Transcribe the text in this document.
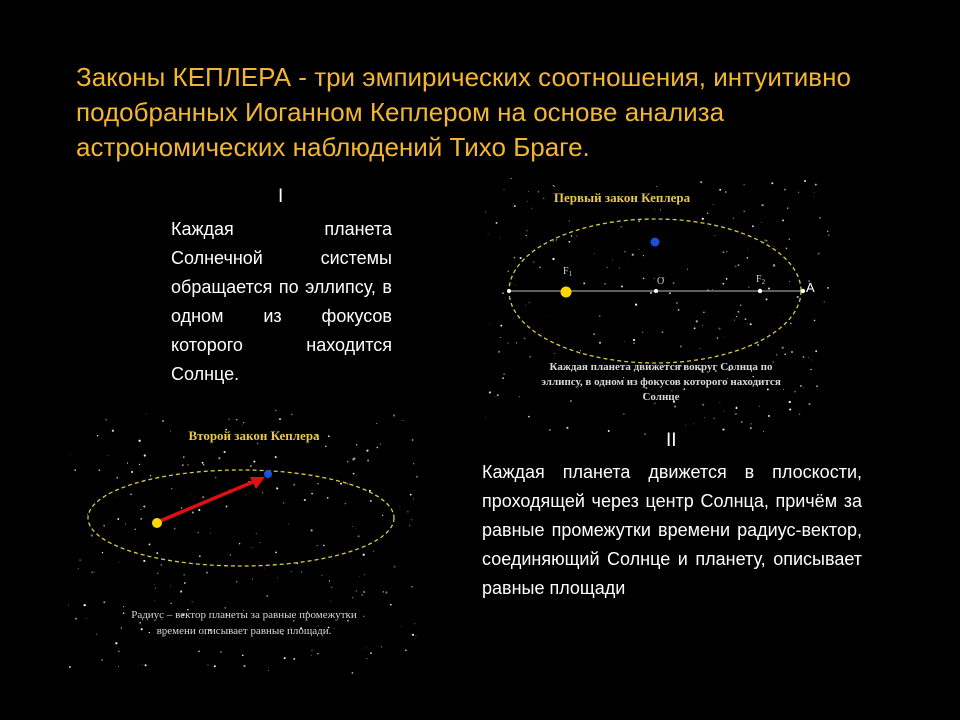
Законы КЕПЛЕРА - три эмпирических соотношения, интуитивно подобранных Иоганном Кеплером на основе анализа астрономических наблюдений Тихо Браге.
I
Каждая планета Солнечной системы обращается по эллипсу, в одном из фокусов которого находится Солнце.
Первый закон Кеплера
$F_1$
O	$F_2$	A
Каждая планета движется вокруг Солнца по
эллипсу, в одном из фокусов которого находится
Солнце
II
Каждая планета движется в плоскости, проходящей через центр Солнца, причём за равные промежутки времени радиус-вектор, соединяющий Солнце и планету, описывает равные площади
Второй закон Кеплера
Радиус – вектор планеты за равные промежутки
времени описывает равные площади.
